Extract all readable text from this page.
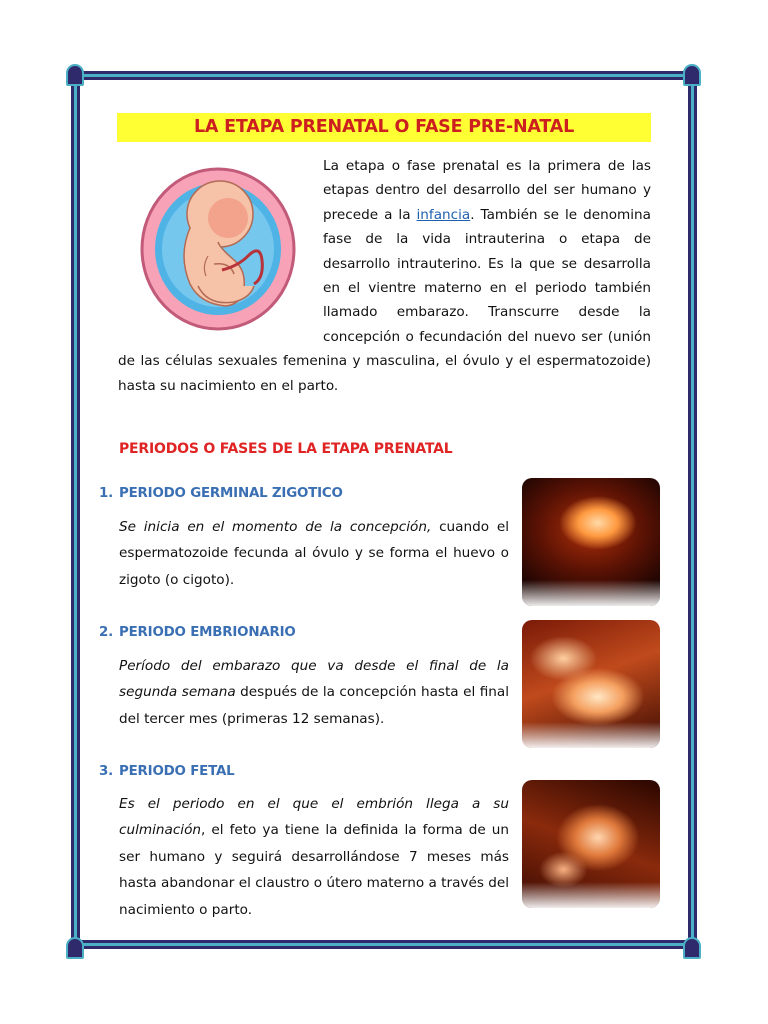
LA ETAPA PRENATAL O FASE PRE-NATAL

La etapa o fase prenatal es la primera de las etapas dentro del desarrollo del ser humano y precede a la infancia. También se le denomina fase de la vida intrauterina o etapa de desarrollo intrauterino. Es la que se desarrolla en el vientre materno en el periodo también llamado embarazo. Transcurre desde la concepción o fecundación del nuevo ser (unión de las células sexuales femenina y masculina, el óvulo y el espermatozoide) hasta su nacimiento en el parto.

PERIODOS O FASES DE LA ETAPA PRENATAL
1. PERIODO GERMINAL ZIGOTICO

Se inicia en el momento de la concepción, cuando el espermatozoide fecunda al óvulo y se forma el huevo o zigoto (o cigoto).

2. PERIODO EMBRIONARIO

Período del embarazo que va desde el final de la segunda semana después de la concepción hasta el final del tercer mes (primeras 12 semanas).

3. PERIODO FETAL

Es el periodo en el que el embrión llega a su culminación, el feto ya tiene la definida la forma de un ser humano y seguirá desarrollándose 7 meses más hasta abandonar el claustro o útero materno a través del nacimiento o parto.
